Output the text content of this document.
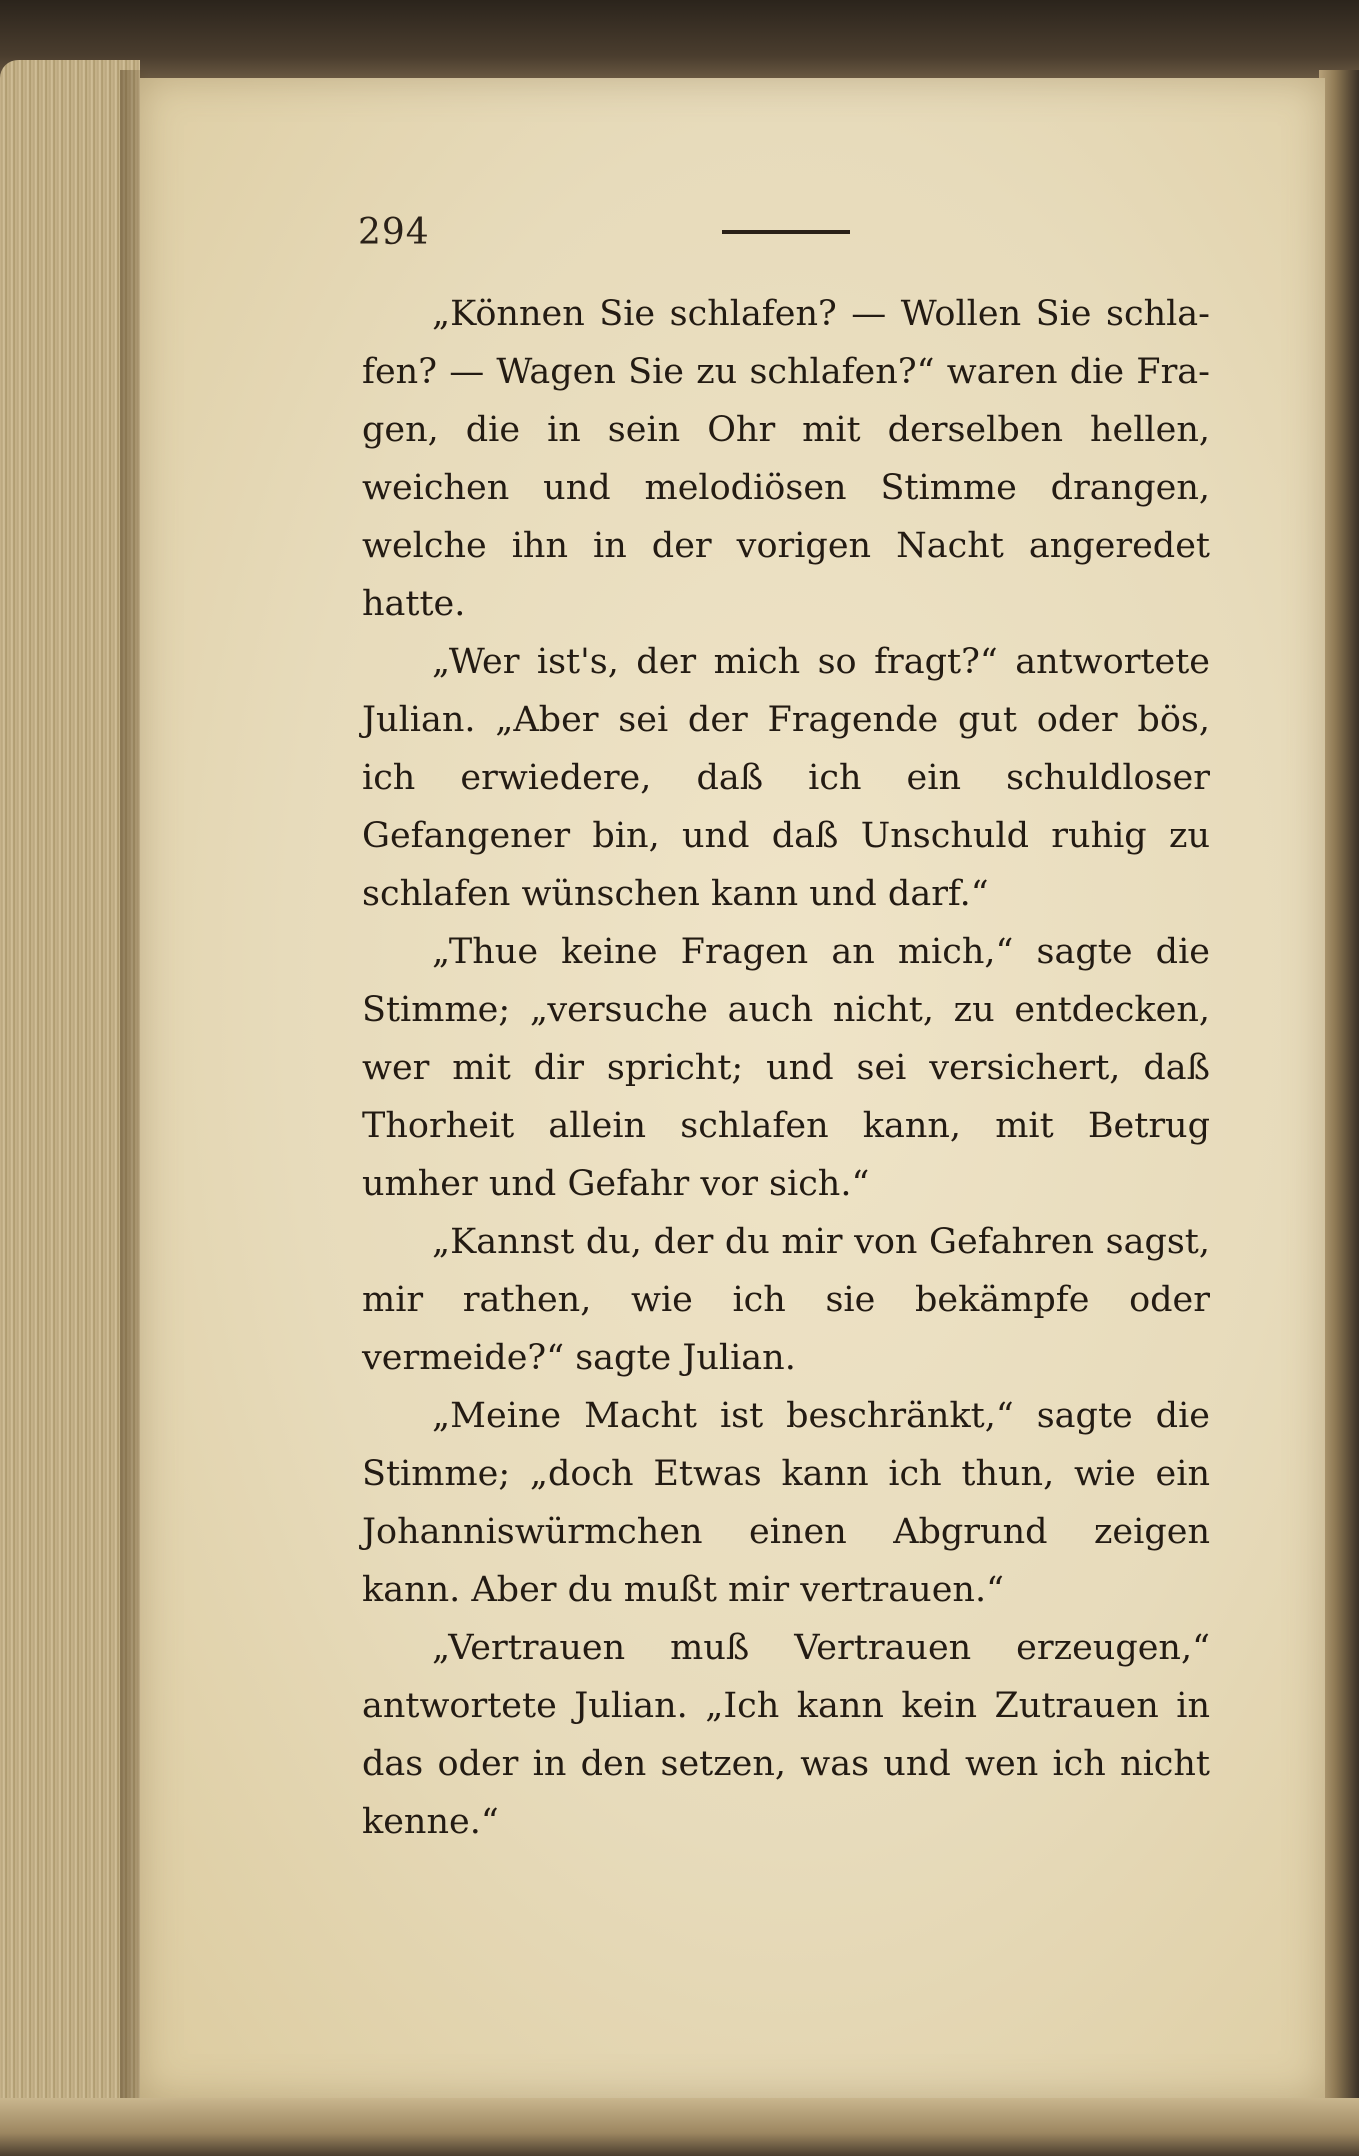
294

„Können Sie schlafen? — Wollen Sie schlafen? — Wagen Sie zu schlafen?“ waren die Fragen, die in sein Ohr mit derselben hellen, weichen und melodiösen Stimme drangen, welche ihn in der vorigen Nacht angeredet hatte.

„Wer ist's, der mich so fragt?“ antwortete Julian. „Aber sei der Fragende gut oder bös, ich erwiedere, daß ich ein schuldloser Gefangener bin, und daß Unschuld ruhig zu schlafen wünschen kann und darf.“

„Thue keine Fragen an mich,“ sagte die Stimme; „versuche auch nicht, zu entdecken, wer mit dir spricht; und sei versichert, daß Thorheit allein schlafen kann, mit Betrug umher und Gefahr vor sich.“

„Kannst du, der du mir von Gefahren sagst, mir rathen, wie ich sie bekämpfe oder vermeide?“ sagte Julian.

„Meine Macht ist beschränkt,“ sagte die Stimme; „doch Etwas kann ich thun, wie ein Johanniswürmchen einen Abgrund zeigen kann. Aber du mußt mir vertrauen.“

„Vertrauen muß Vertrauen erzeugen,“ antwortete Julian. „Ich kann kein Zutrauen in das oder in den setzen, was und wen ich nicht kenne.“
